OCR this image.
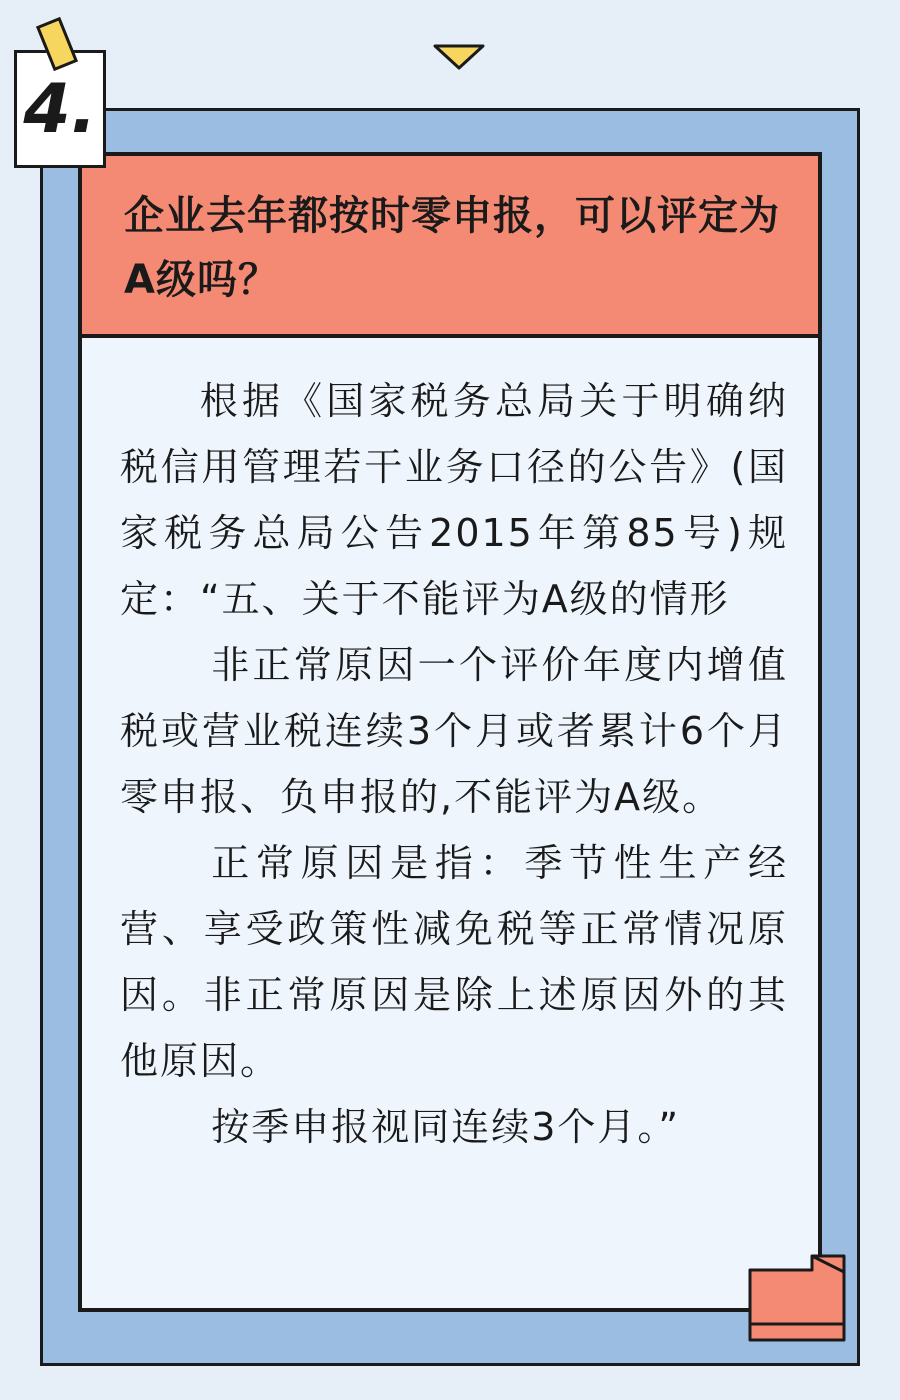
企业去年都按时零申报，可以评定为A级吗？

根据《国家税务总局关于明确纳税信用管理若干业务口径的公告》(国家税务总局公告2015年第85号)规定：“五、关于不能评为A级的情形

非正常原因一个评价年度内增值税或营业税连续3个月或者累计6个月零申报、负申报的,不能评为A级。

正常原因是指：季节性生产经营、享受政策性减免税等正常情况原因。非正常原因是除上述原因外的其他原因。

按季申报视同连续3个月。”

4.
